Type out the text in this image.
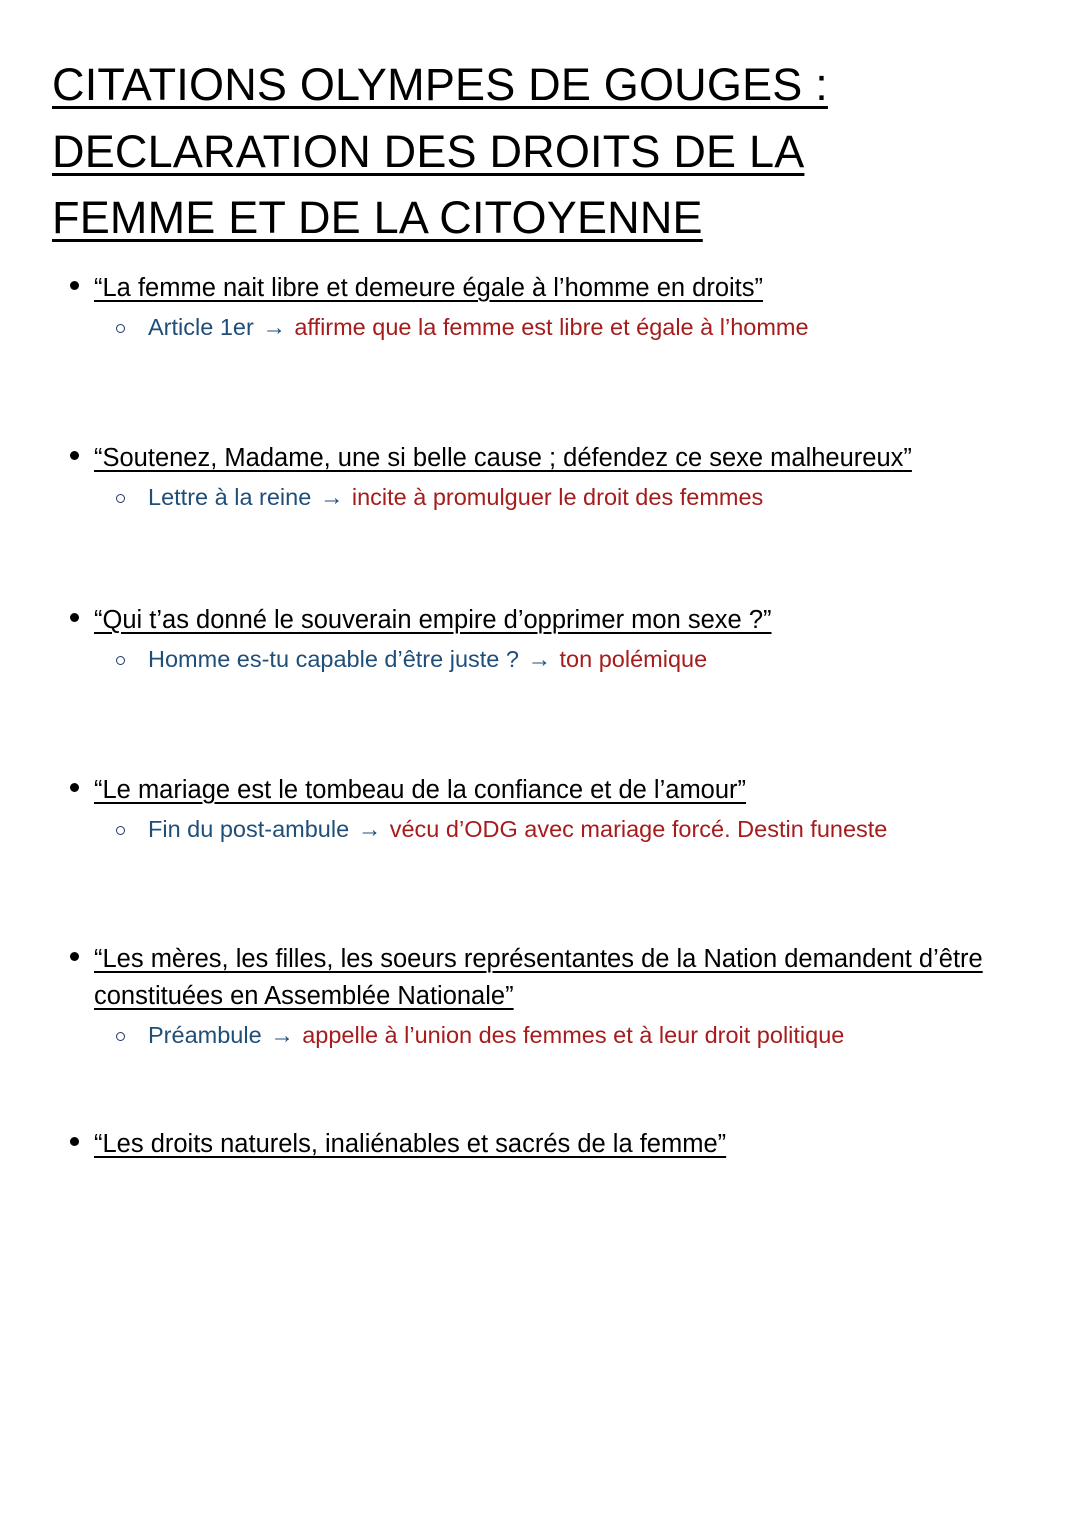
CITATIONS OLYMPES DE GOUGES :
DECLARATION DES DROITS DE LA
FEMME ET DE LA CITOYENNE
“La femme nait libre et demeure égale à l’homme en droits”
Article 1er → affirme que la femme est libre et égale à l’homme
“Soutenez, Madame, une si belle cause ; défendez ce sexe malheureux”
Lettre à la reine → incite à promulguer le droit des femmes
“Qui t’as donné le souverain empire d’opprimer mon sexe ?”
Homme es-tu capable d’être juste ? → ton polémique
“Le mariage est le tombeau de la confiance et de l’amour”
Fin du post-ambule → vécu d’ODG avec mariage forcé. Destin funeste
“Les mères, les filles, les soeurs représentantes de la Nation demandent d’être constituées en Assemblée Nationale”
Préambule → appelle à l’union des femmes et à leur droit politique
“Les droits naturels, inaliénables et sacrés de la femme”
